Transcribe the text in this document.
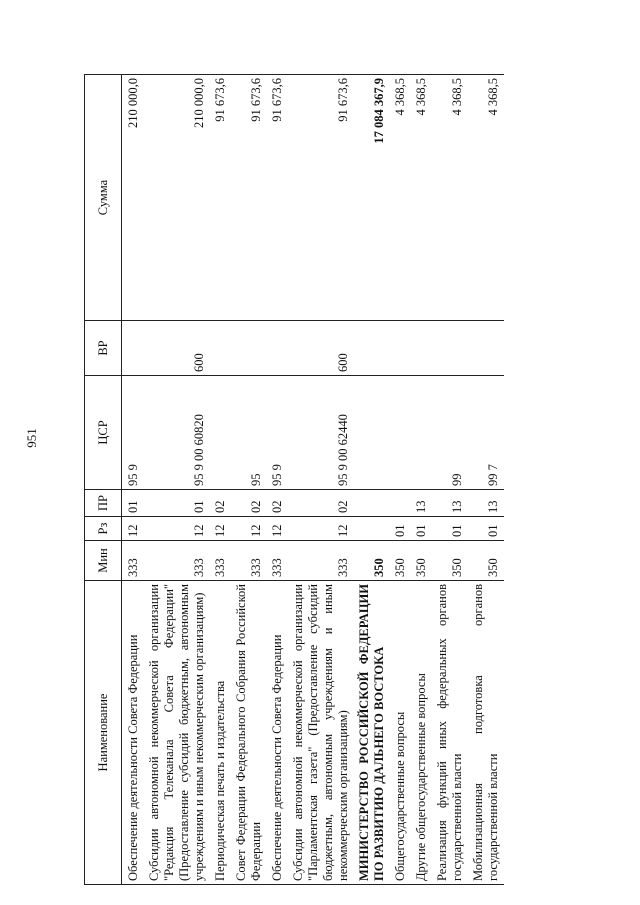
951
Наименование	Мин	Рз	ПР	ЦСР	ВР	Сумма
Обеспечение деятельности Совета Федерации	333	12	01	95 9		210 000,0
Субсидии автономной некоммерческой организации "Редакция Телеканала Совета Федерации" (Предоставление субсидий бюджетным, автономным учреждениям и иным некоммерческим организациям)	333	12	01	95 9 00 60820	600	210 000,0
Периодическая печать и издательства	333	12	02			91 673,6
Совет Федерации Федерального Собрания Российской Федерации	333	12	02	95		91 673,6
Обеспечение деятельности Совета Федерации	333	12	02	95 9		91 673,6
Субсидии автономной некоммерческой организации "Парламентская газета" (Предоставление субсидий бюджетным, автономным учреждениям и иным некоммерческим организациям)	333	12	02	95 9 00 62440	600	91 673,6
МИНИСТЕРСТВО РОССИЙСКОЙ ФЕДЕРАЦИИ ПО РАЗВИТИЮ ДАЛЬНЕГО ВОСТОКА	350					17 084 367,9
Общегосударственные вопросы	350	01				4 368,5
Другие общегосударственные вопросы	350	01	13			4 368,5
Реализация функций иных федеральных органов государственной власти	350	01	13	99		4 368,5
Мобилизационная подготовка органов государственной власти	350	01	13	99 7		4 368,5
